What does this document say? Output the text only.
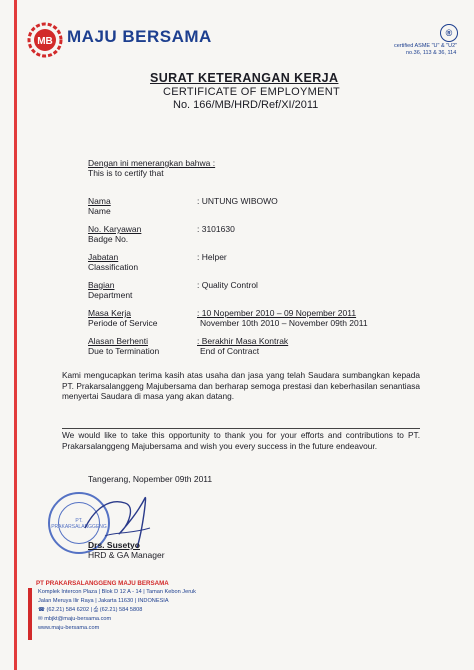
MB MAJU BERSAMA	®
certified ASME "U" & "U2"
no.36, 113 & 36, 114
SURAT KETERANGAN KERJA
CERTIFICATE OF EMPLOYMENT
No. 166/MB/HRD/Ref/XI/2011
Dengan ini menerangkan bahwa :
This is to certify that
Nama
Name
: UNTUNG WIBOWO
No. Karyawan
Badge No.
: 3101630
Jabatan
Classification
: Helper
Bagian
Department
: Quality Control
Masa Kerja
Periode of Service
: 10 Nopember 2010 – 09 Nopember 2011
November 10th 2010 – November 09th 2011
Alasan Berhenti
Due to Termination
: Berakhir Masa Kontrak
End of Contract
Kami mengucapkan terima kasih atas usaha dan jasa yang telah Saudara sumbangkan kepada PT. Prakarsalanggeng Majubersama dan berharap semoga prestasi dan keberhasilan senantiasa menyertai Saudara di masa yang akan datang.
We would like to take this opportunity to thank you for your efforts and contributions to PT. Prakarsalanggeng Majubersama and wish you every success in the future endeavour.
Tangerang, Nopember 09th 2011
PT. PRAKARSALANGGENG
Drs. Susetyo
HRD & GA Manager
PT PRAKARSALANGGENG MAJU BERSAMA
Komplek Intercon Plaza | Blok D 12 A - 14 | Taman Kebon Jeruk
Jalan Meruya Ilir Raya | Jakarta 11630 | INDONESIA
☎ (62.21) 584 6202 | ⎙ (62.21) 584 5808
✉ mbjkt@maju-bersama.com
www.maju-bersama.com
